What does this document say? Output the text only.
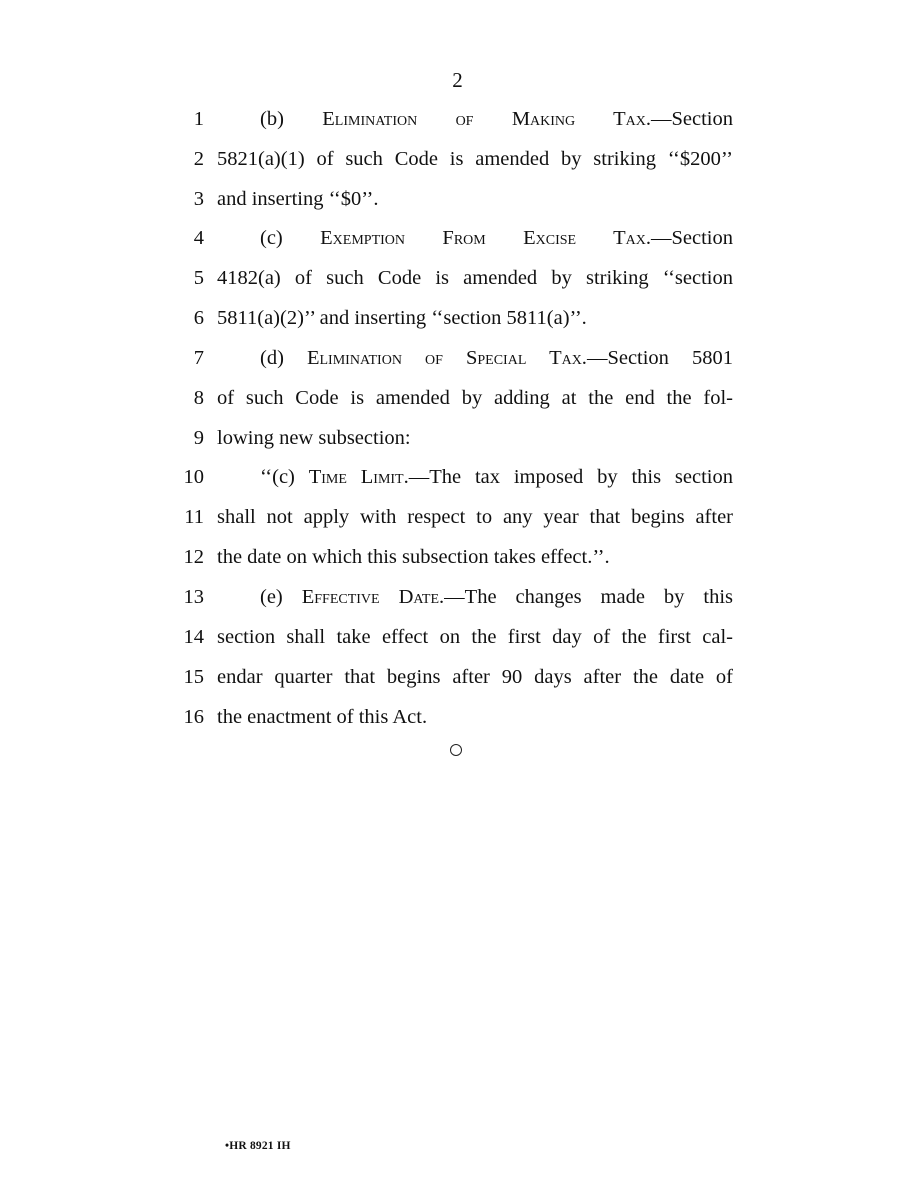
2
1	(b) Elimination of Making Tax.—Section
2 5821(a)(1) of such Code is amended by striking ‘‘$200’’
3 and inserting ‘‘$0’’.
4	(c) Exemption From Excise Tax.—Section
5 4182(a) of such Code is amended by striking ‘‘section
6 5811(a)(2)’’ and inserting ‘‘section 5811(a)’’.
7	(d) Elimination of Special Tax.—Section 5801
8 of such Code is amended by adding at the end the fol-
9 lowing new subsection:
10	‘‘(c) Time Limit.—The tax imposed by this section
11 shall not apply with respect to any year that begins after
12 the date on which this subsection takes effect.’’.
13	(e) Effective Date.—The changes made by this
14 section shall take effect on the first day of the first cal-
15 endar quarter that begins after 90 days after the date of
16 the enactment of this Act.
•HR 8921 IH
